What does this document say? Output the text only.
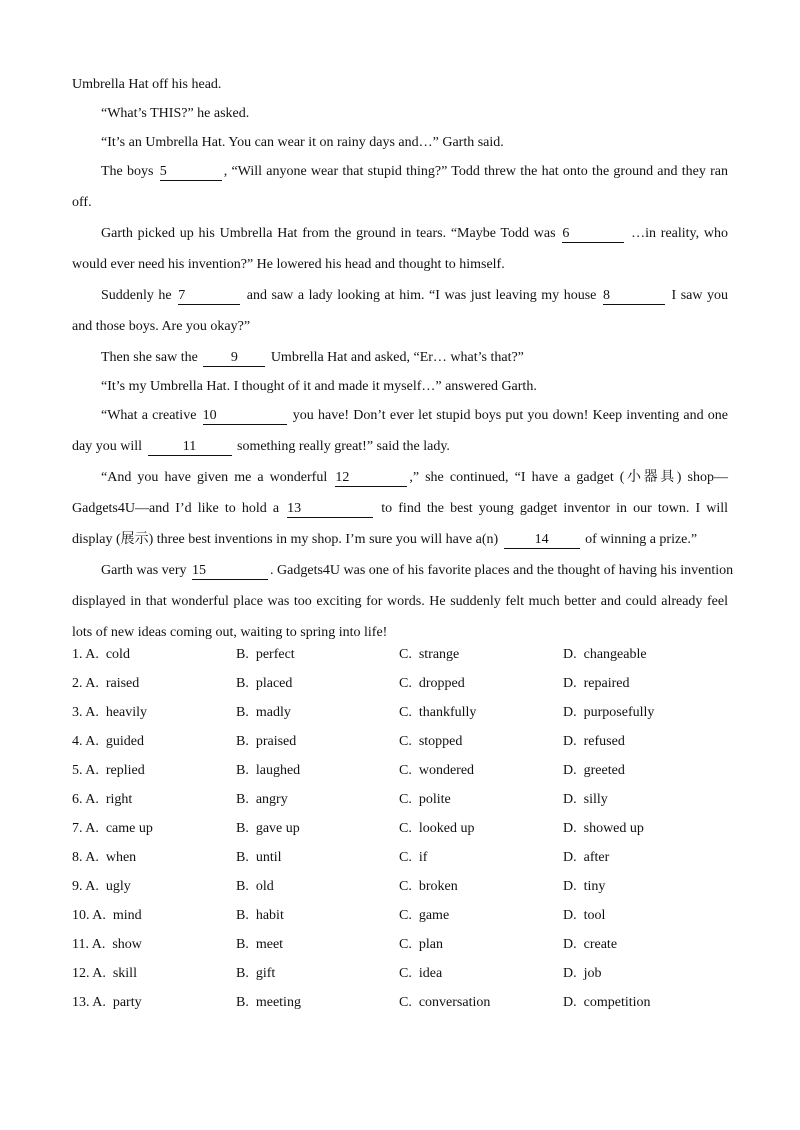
Umbrella Hat off his head.
“What’s THIS?” he asked.
“It’s an Umbrella Hat. You can wear it on rainy days and…” Garth said.
The boys 5	, “Will anyone wear that stupid thing?” Todd threw the hat onto the ground and they ran
off.
Garth picked up his Umbrella Hat from the ground in tears. “Maybe Todd was 6	…in reality, who
would ever need his invention?” He lowered his head and thought to himself.
Suddenly he 7	and saw a lady looking at him. “I was just leaving my house 8	I saw you
and those boys. Are you okay?”
Then she saw the 9 Umbrella Hat and asked, “Er… what’s that?”
“It’s my Umbrella Hat. I thought of it and made it myself…” answered Garth.
“What a creative 10	you have! Don’t ever let stupid boys put you down! Keep inventing and one
day you will	11	something really great!” said the lady.
“And you have given me a wonderful 12	,” she continued, “I have a gadget (小器具) shop—
Gadgets4U—and I’d like to hold a 13	to find the best young gadget inventor in our town. I will
display (展示) three best inventions in my shop. I’m sure you will have a(n)	14	of winning a prize.”
Garth was very 15	. Gadgets4U was one of his favorite places and the thought of having his invention
displayed in that wonderful place was too exciting for words. He suddenly felt much better and could already feel
lots of new ideas coming out, waiting to spring into life!
1. A. cold	B. perfect	C. strange	D. changeable
2. A. raised	B. placed	C. dropped	D. repaired
3. A. heavily	B. madly	C. thankfully	D. purposefully
4. A. guided	B. praised	C. stopped	D. refused
5. A. replied	B. laughed	C. wondered	D. greeted
6. A. right	B. angry	C. polite	D. silly
7. A. came up	B. gave up	C. looked up	D. showed up
8. A. when	B. until	C. if	D. after
9. A. ugly	B. old	C. broken	D. tiny
10. A. mind	B. habit	C. game	D. tool
11. A. show	B. meet	C. plan	D. create
12. A. skill	B. gift	C. idea	D. job
13. A. party	B. meeting	C. conversation	D. competition
